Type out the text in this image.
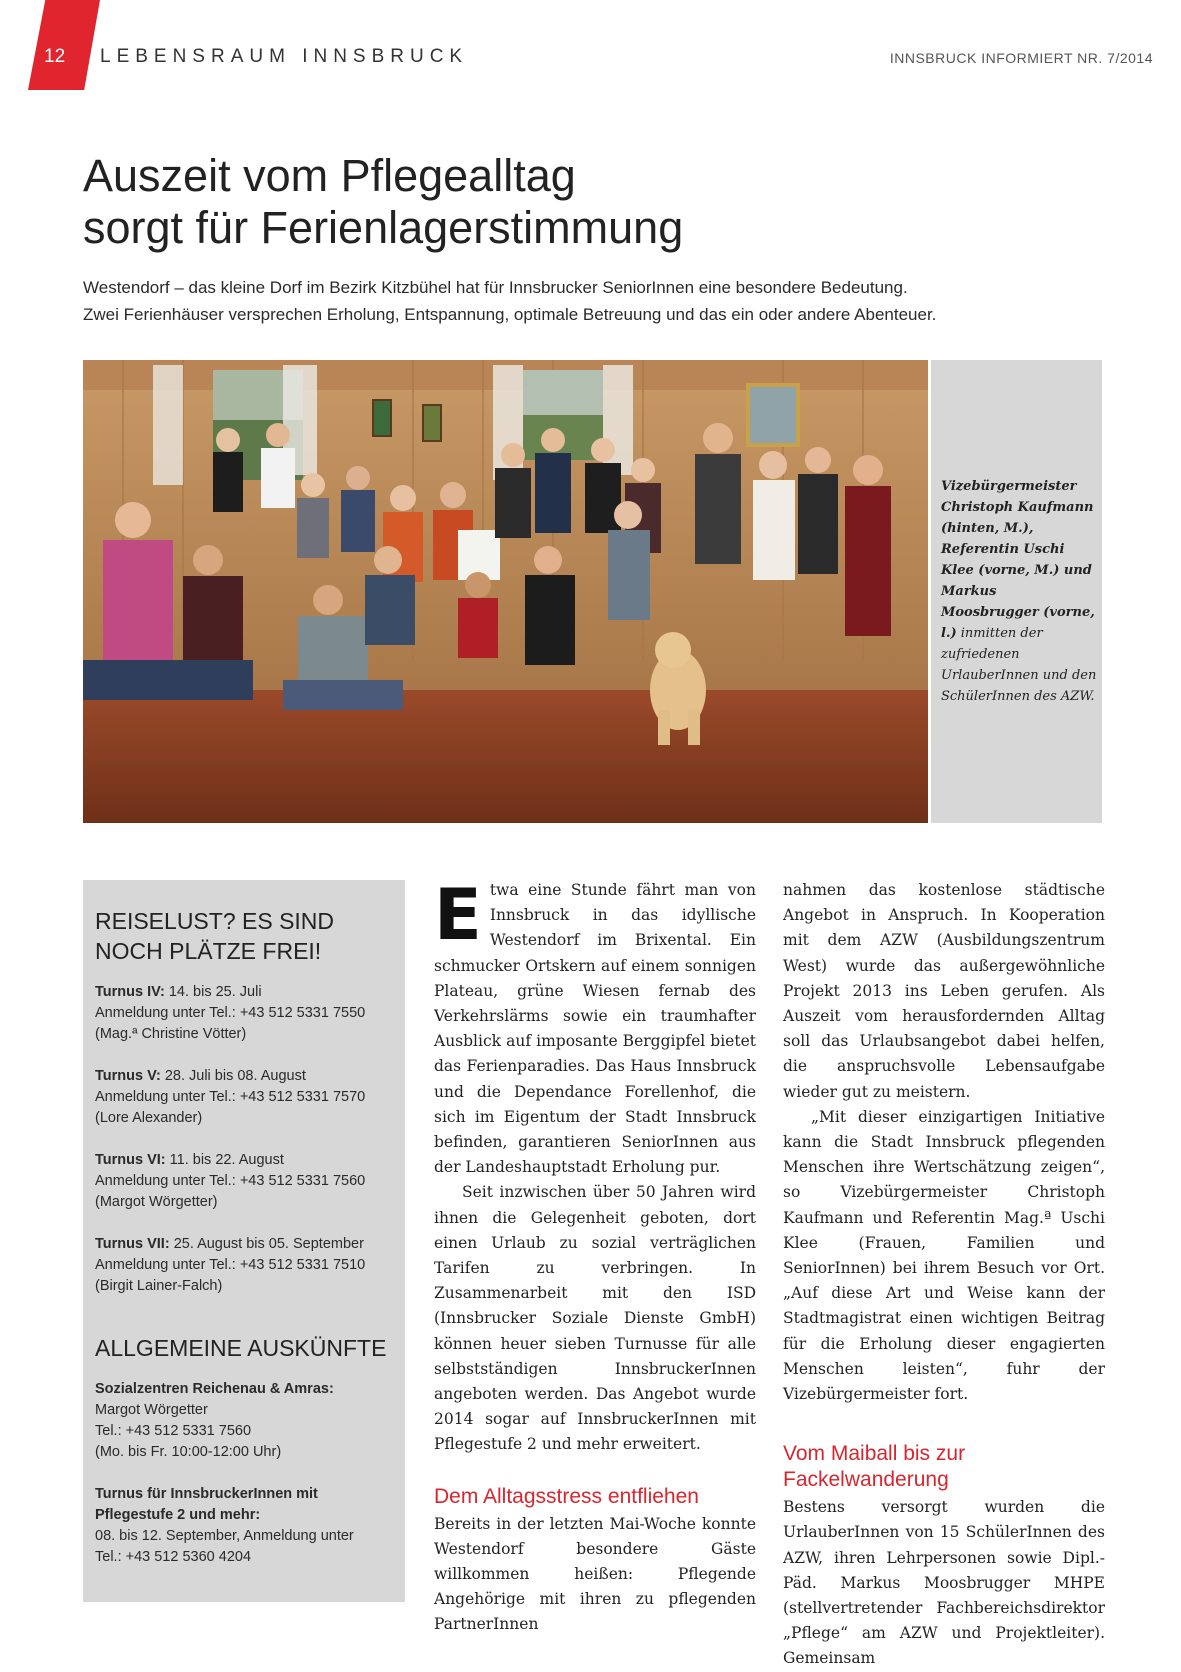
12 LEBENSRAUM INNSBRUCK	INNSBRUCK INFORMIERT NR. 7/2014
Auszeit vom Pflegealltag
sorgt für Ferienlagerstimmung

Westendorf – das kleine Dorf im Bezirk Kitzbühel hat für Innsbrucker SeniorInnen eine besondere Bedeutung.
Zwei Ferienhäuser versprechen Erholung, Entspannung, optimale Betreuung und das ein oder andere Abenteuer.

Vizebürgermeister Christoph Kaufmann (hinten, M.), Referentin Uschi Klee (vorne, M.) und Markus Moosbrugger (vorne, l.) inmitten der zufriedenen UrlauberInnen und den SchülerInnen des AZW.

REISELUST? ES SIND NOCH PLÄTZE FREI!

Turnus IV: 14. bis 25. Juli
Anmeldung unter Tel.: +43 512 5331 7550
(Mag.ª Christine Vötter)

Turnus V: 28. Juli bis 08. August
Anmeldung unter Tel.: +43 512 5331 7570
(Lore Alexander)

Turnus VI: 11. bis 22. August
Anmeldung unter Tel.: +43 512 5331 7560
(Margot Wörgetter)

Turnus VII: 25. August bis 05. September
Anmeldung unter Tel.: +43 512 5331 7510
(Birgit Lainer-Falch)

ALLGEMEINE AUSKÜNFTE

Sozialzentren Reichenau & Amras:
Margot Wörgetter
Tel.: +43 512 5331 7560
(Mo. bis Fr. 10:00-12:00 Uhr)

Turnus für InnsbruckerInnen mit
Pflegestufe 2 und mehr:
08. bis 12. September, Anmeldung unter
Tel.: +43 512 5360 4204

Etwa eine Stunde fährt man von Innsbruck in das idyllische Westendorf im Brixental. Ein schmucker Ortskern auf einem sonnigen Plateau, grüne Wiesen fernab des Verkehrslärms sowie ein traumhafter Ausblick auf imposante Berggipfel bietet das Ferienparadies. Das Haus Innsbruck und die Dependance Forellenhof, die sich im Eigentum der Stadt Innsbruck befinden, garantieren SeniorInnen aus der Landeshauptstadt Erholung pur.

Seit inzwischen über 50 Jahren wird ihnen die Gelegenheit geboten, dort einen Urlaub zu sozial verträglichen Tarifen zu verbringen. In Zusammenarbeit mit den ISD (Innsbrucker Soziale Dienste GmbH) können heuer sieben Turnusse für alle selbstständigen InnsbruckerInnen angeboten werden. Das Angebot wurde 2014 sogar auf InnsbruckerInnen mit Pflegestufe 2 und mehr erweitert.

Dem Alltagsstress entfliehen

Bereits in der letzten Mai-Woche konnte Westendorf besondere Gäste willkommen heißen: Pflegende Angehörige mit ihren zu pflegenden PartnerInnen

nahmen das kostenlose städtische Angebot in Anspruch. In Kooperation mit dem AZW (Ausbildungszentrum West) wurde das außergewöhnliche Projekt 2013 ins Leben gerufen. Als Auszeit vom herausfordernden Alltag soll das Urlaubsangebot dabei helfen, die anspruchsvolle Lebensaufgabe wieder gut zu meistern.

„Mit dieser einzigartigen Initiative kann die Stadt Innsbruck pflegenden Menschen ihre Wertschätzung zeigen“, so Vizebürgermeister Christoph Kaufmann und Referentin Mag.ª Uschi Klee (Frauen, Familien und SeniorInnen) bei ihrem Besuch vor Ort. „Auf diese Art und Weise kann der Stadtmagistrat einen wichtigen Beitrag für die Erholung dieser engagierten Menschen leisten“, fuhr der Vizebürgermeister fort.

Vom Maiball bis zur Fackelwanderung

Bestens versorgt wurden die UrlauberInnen von 15 SchülerInnen des AZW, ihren Lehrpersonen sowie Dipl.-Päd. Markus Moosbrugger MHPE (stellvertretender Fachbereichsdirektor „Pflege“ am AZW und Projektleiter). Gemeinsam
